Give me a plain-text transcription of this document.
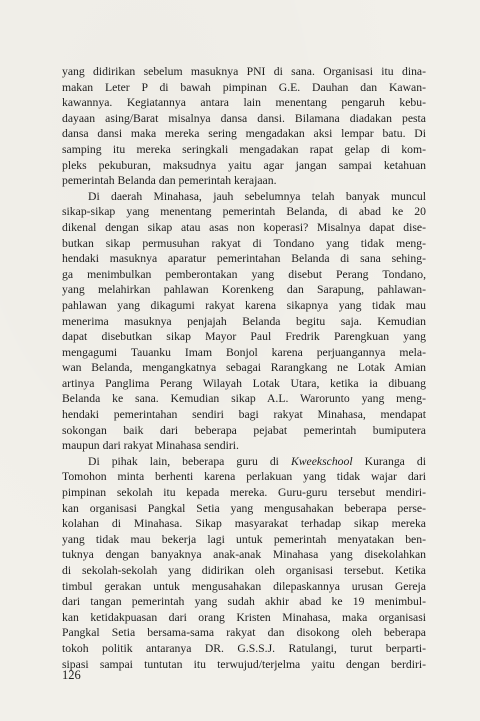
yang didirikan sebelum masuknya PNI di sana. Organisasi itu dina-
makan Leter P di bawah pimpinan G.E. Dauhan dan Kawan-
kawannya. Kegiatannya antara lain menentang pengaruh kebu-
dayaan asing/Barat misalnya dansa dansi. Bilamana diadakan pesta
dansa dansi maka mereka sering mengadakan aksi lempar batu. Di
samping itu mereka seringkali mengadakan rapat gelap di kom-
pleks pekuburan, maksudnya yaitu agar jangan sampai ketahuan
pemerintah Belanda dan pemerintah kerajaan.
Di daerah Minahasa, jauh sebelumnya telah banyak muncul
sikap-sikap yang menentang pemerintah Belanda, di abad ke 20
dikenal dengan sikap atau asas non koperasi? Misalnya dapat dise-
butkan sikap permusuhan rakyat di Tondano yang tidak meng-
hendaki masuknya aparatur pemerintahan Belanda di sana sehing-
ga menimbulkan pemberontakan yang disebut Perang Tondano,
yang melahirkan pahlawan Korenkeng dan Sarapung, pahlawan-
pahlawan yang dikagumi rakyat karena sikapnya yang tidak mau
menerima masuknya penjajah Belanda begitu saja. Kemudian
dapat disebutkan sikap Mayor Paul Fredrik Parengkuan yang
mengagumi Tauanku Imam Bonjol karena perjuangannya mela-
wan Belanda, mengangkatnya sebagai Rarangkang ne Lotak Amian
artinya Panglima Perang Wilayah Lotak Utara, ketika ia dibuang
Belanda ke sana. Kemudian sikap A.L. Warorunto yang meng-
hendaki pemerintahan sendiri bagi rakyat Minahasa, mendapat
sokongan baik dari beberapa pejabat pemerintah bumiputera
maupun dari rakyat Minahasa sendiri.
Di pihak lain, beberapa guru di Kweekschool Kuranga di
Tomohon minta berhenti karena perlakuan yang tidak wajar dari
pimpinan sekolah itu kepada mereka. Guru-guru tersebut mendiri-
kan organisasi Pangkal Setia yang mengusahakan beberapa perse-
kolahan di Minahasa. Sikap masyarakat terhadap sikap mereka
yang tidak mau bekerja lagi untuk pemerintah menyatakan ben-
tuknya dengan banyaknya anak-anak Minahasa yang disekolahkan
di sekolah-sekolah yang didirikan oleh organisasi tersebut. Ketika
timbul gerakan untuk mengusahakan dilepaskannya urusan Gereja
dari tangan pemerintah yang sudah akhir abad ke 19 menimbul-
kan ketidakpuasan dari orang Kristen Minahasa, maka organisasi
Pangkal Setia bersama-sama rakyat dan disokong oleh beberapa
tokoh politik antaranya DR. G.S.S.J. Ratulangi, turut berparti-
sipasi sampai tuntutan itu terwujud/terjelma yaitu dengan berdiri-
126
